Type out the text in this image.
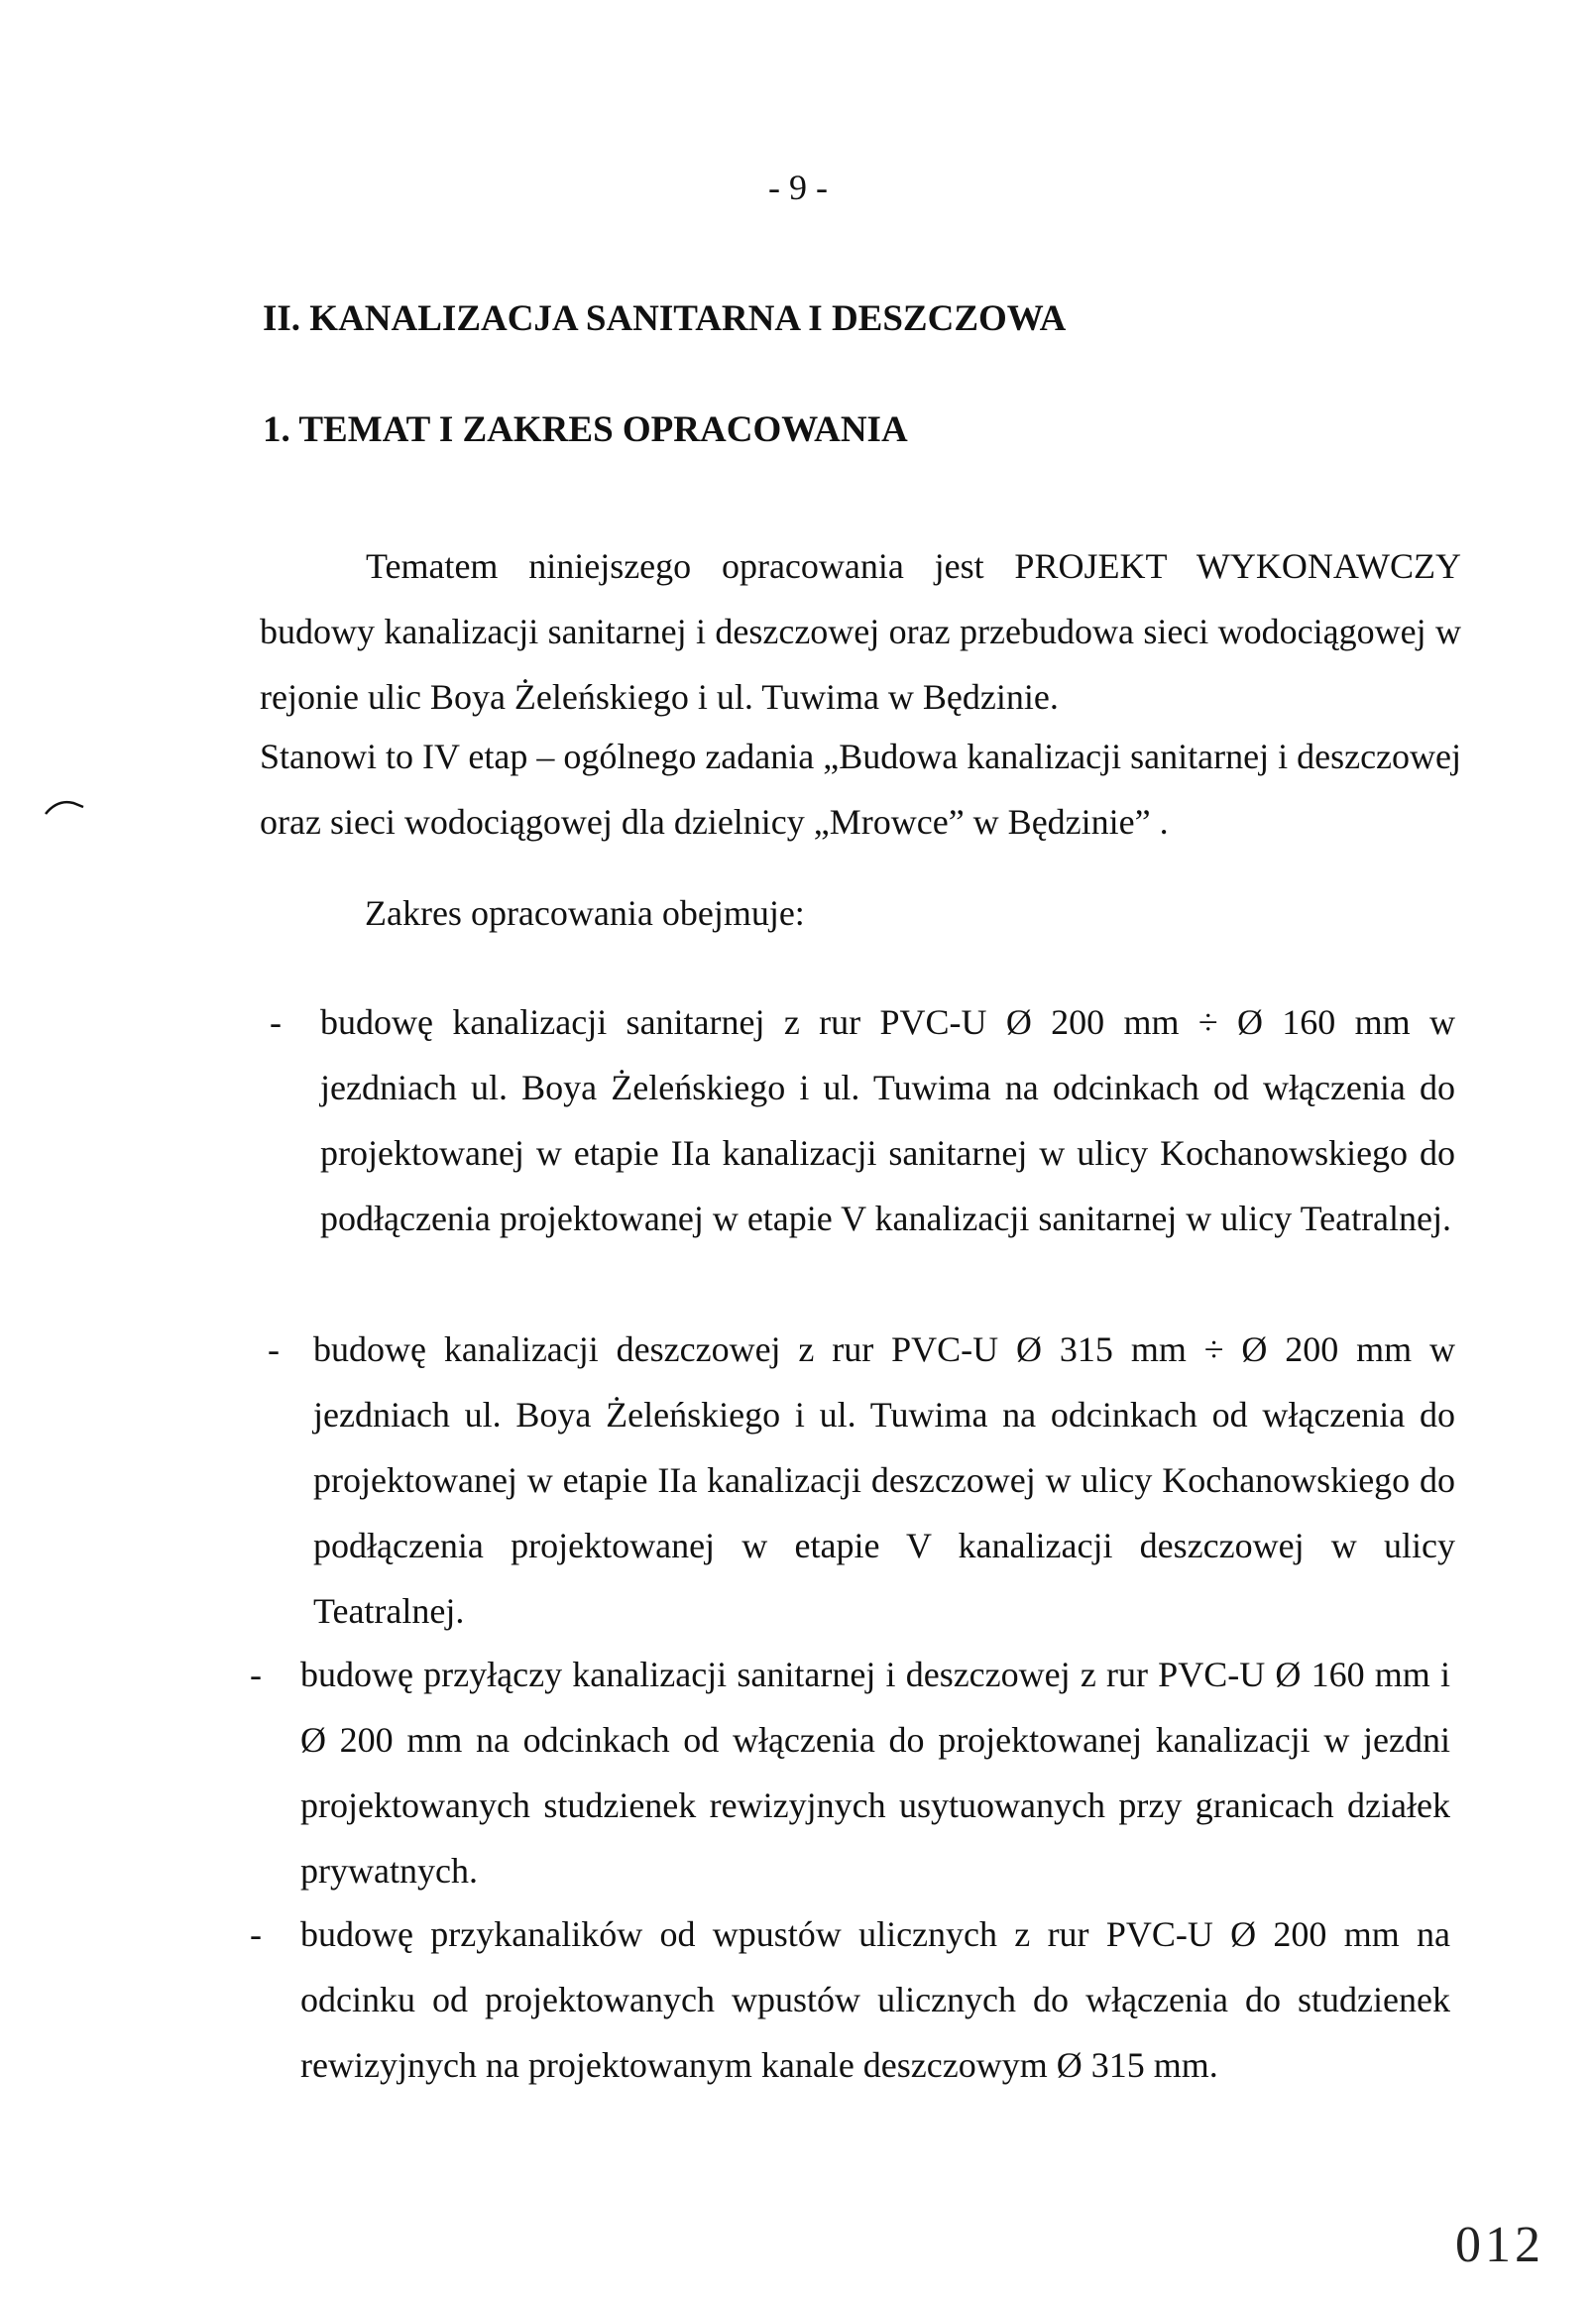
- 9 -
II. KANALIZACJA SANITARNA I DESZCZOWA
1. TEMAT I ZAKRES OPRACOWANIA
Tematem niniejszego opracowania jest PROJEKT WYKONAWCZY budowy kanalizacji sanitarnej i deszczowej oraz przebudowa sieci wodociągowej w rejonie ulic Boya Żeleńskiego i ul. Tuwima w Będzinie.
Stanowi to IV etap – ogólnego zadania „Budowa kanalizacji sanitarnej i deszczowej oraz sieci wodociągowej dla dzielnicy „Mrowce” w Będzinie” .
Zakres opracowania obejmuje:
- budowę kanalizacji sanitarnej z rur PVC-U Ø 200 mm ÷ Ø 160 mm w jezdniach ul. Boya Żeleńskiego i ul. Tuwima na odcinkach od włączenia do projektowanej w etapie IIa kanalizacji sanitarnej w ulicy Kochanowskiego do podłączenia projektowanej w etapie V kanalizacji sanitarnej w ulicy Teatralnej.
- budowę kanalizacji deszczowej z rur PVC-U Ø 315 mm ÷ Ø 200 mm w jezdniach ul. Boya Żeleńskiego i ul. Tuwima na odcinkach od włączenia do projektowanej w etapie IIa kanalizacji deszczowej w ulicy Kochanowskiego do podłączenia projektowanej w etapie V kanalizacji deszczowej w ulicy Teatralnej.
- budowę przyłączy kanalizacji sanitarnej i deszczowej z rur PVC-U Ø 160 mm i Ø 200 mm na odcinkach od włączenia do projektowanej kanalizacji w jezdni projektowanych studzienek rewizyjnych usytuowanych przy granicach działek prywatnych.
- budowę przykanalików od wpustów ulicznych z rur PVC-U Ø 200 mm na odcinku od projektowanych wpustów ulicznych do włączenia do studzienek rewizyjnych na projektowanym kanale deszczowym Ø 315 mm.
012
